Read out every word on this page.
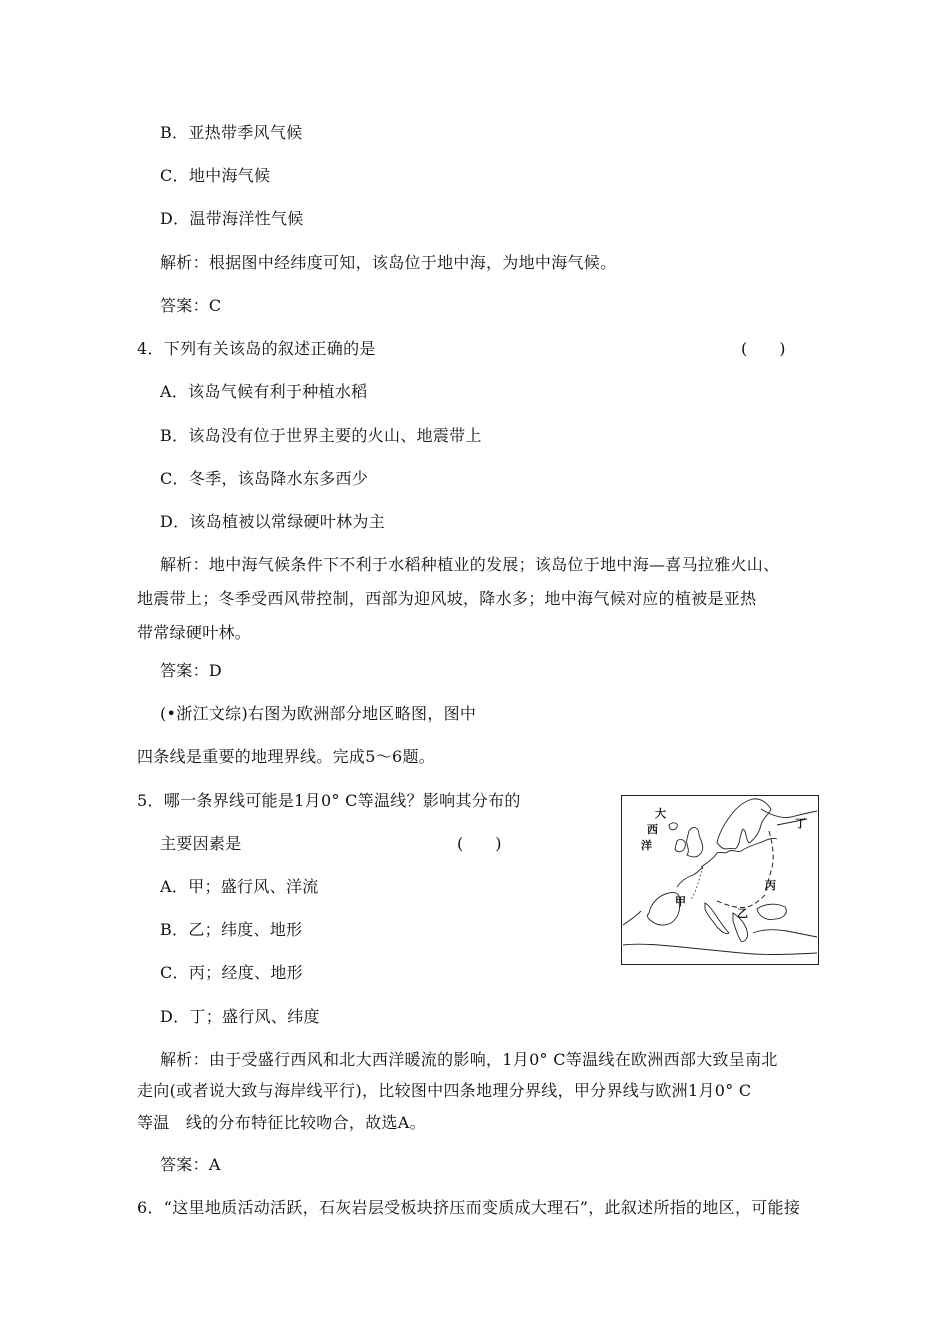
B．亚热带季风气候
C．地中海气候
D．温带海洋性气候
解析：根据图中经纬度可知，该岛位于地中海，为地中海气候。
答案：C
4．下列有关该岛的叙述正确的是	(　　)
A．该岛气候有利于种植水稻
B．该岛没有位于世界主要的火山、地震带上
C．冬季，该岛降水东多西少
D．该岛植被以常绿硬叶林为主
解析：地中海气候条件下不利于水稻种植业的发展；该岛位于地中海—喜马拉雅火山、
地震带上；冬季受西风带控制，西部为迎风坡，降水多；地中海气候对应的植被是亚热
带常绿硬叶林。
答案：D
(•浙江文综)右图为欧洲部分地区略图，图中
四条线是重要的地理界线。完成5～6题。
5．哪一条界线可能是1月0° C等温线？影响其分布的
主要因素是	(　　)
A．甲；盛行风、洋流
B．乙；纬度、地形
C．丙；经度、地形
D．丁；盛行风、纬度
解析：由于受盛行西风和北大西洋暖流的影响，1月0° C等温线在欧洲西部大致呈南北
走向(或者说大致与海岸线平行)，比较图中四条地理分界线，甲分界线与欧洲1月0° C
等温　线的分布特征比较吻合，故选A。
答案：A
6．“这里地质活动活跃，石灰岩层受板块挤压而变质成大理石”，此叙述所指的地区，可能接
大
西
洋
甲
乙
丙
丁
